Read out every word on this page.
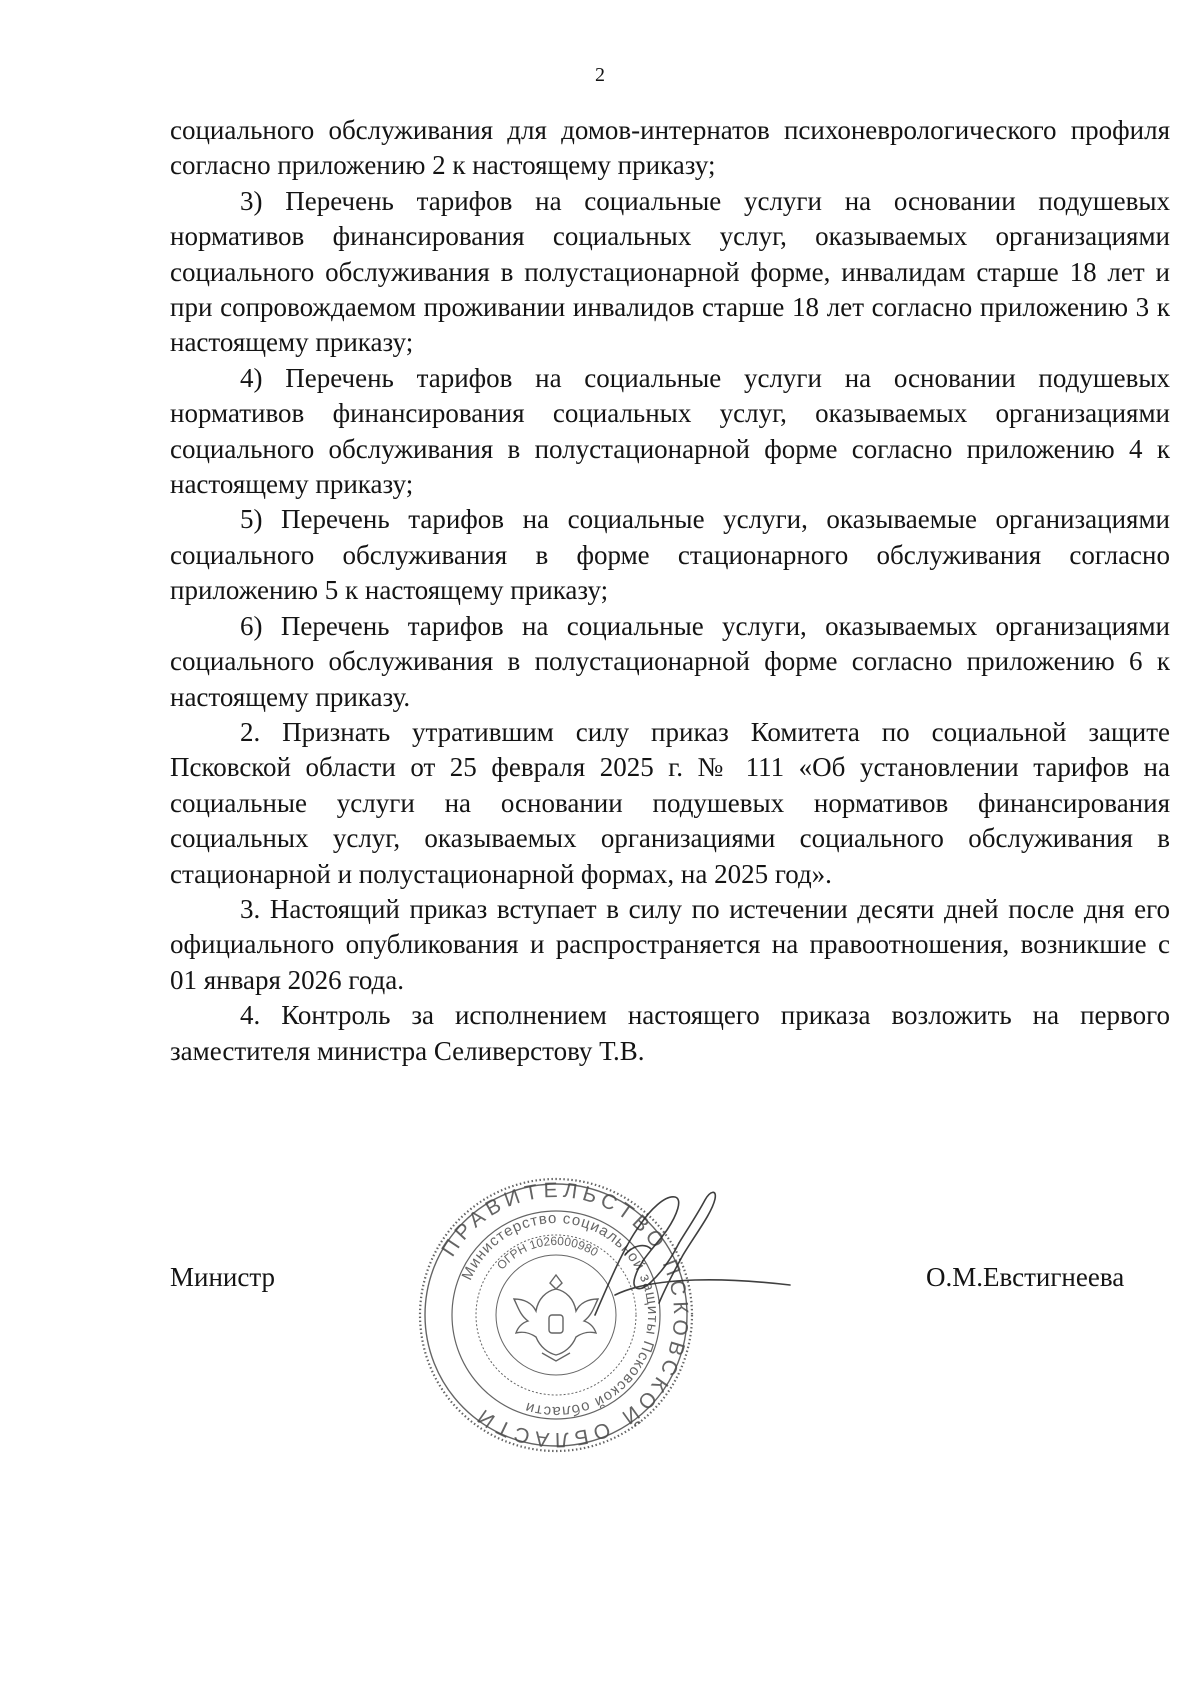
2

социального обслуживания для домов-интернатов психоневрологического профиля согласно приложению 2 к настоящему приказу;

3) Перечень тарифов на социальные услуги на основании подушевых нормативов финансирования социальных услуг, оказываемых организациями социального обслуживания в полустационарной форме, инвалидам старше 18 лет и при сопровождаемом проживании инвалидов старше 18 лет согласно приложению 3 к настоящему приказу;

4) Перечень тарифов на социальные услуги на основании подушевых нормативов финансирования социальных услуг, оказываемых организациями социального обслуживания в полустационарной форме согласно приложению 4 к настоящему приказу;

5) Перечень тарифов на социальные услуги, оказываемые организациями социального обслуживания в форме стационарного обслуживания согласно приложению 5 к настоящему приказу;

6) Перечень тарифов на социальные услуги, оказываемых организациями социального обслуживания в полустационарной форме согласно приложению 6 к настоящему приказу.

2. Признать утратившим силу приказ Комитета по социальной защите Псковской области от 25 февраля 2025 г. № 111 «Об установлении тарифов на социальные услуги на основании подушевых нормативов финансирования социальных услуг, оказываемых организациями социального обслуживания в стационарной и полустационарной формах, на 2025 год».

3. Настоящий приказ вступает в силу по истечении десяти дней после дня его официального опубликования и распространяется на правоотношения, возникшие с 01 января 2026 года.

4. Контроль за исполнением настоящего приказа возложить на первого заместителя министра Селиверстову Т.В.

Министр	О.М.Евстигнеева
ПРАВИТЕЛЬСТВО ПСКОВСКОЙ ОБЛАСТИ
Министерство социальной защиты Псковской области
ОГРН 1026000980
